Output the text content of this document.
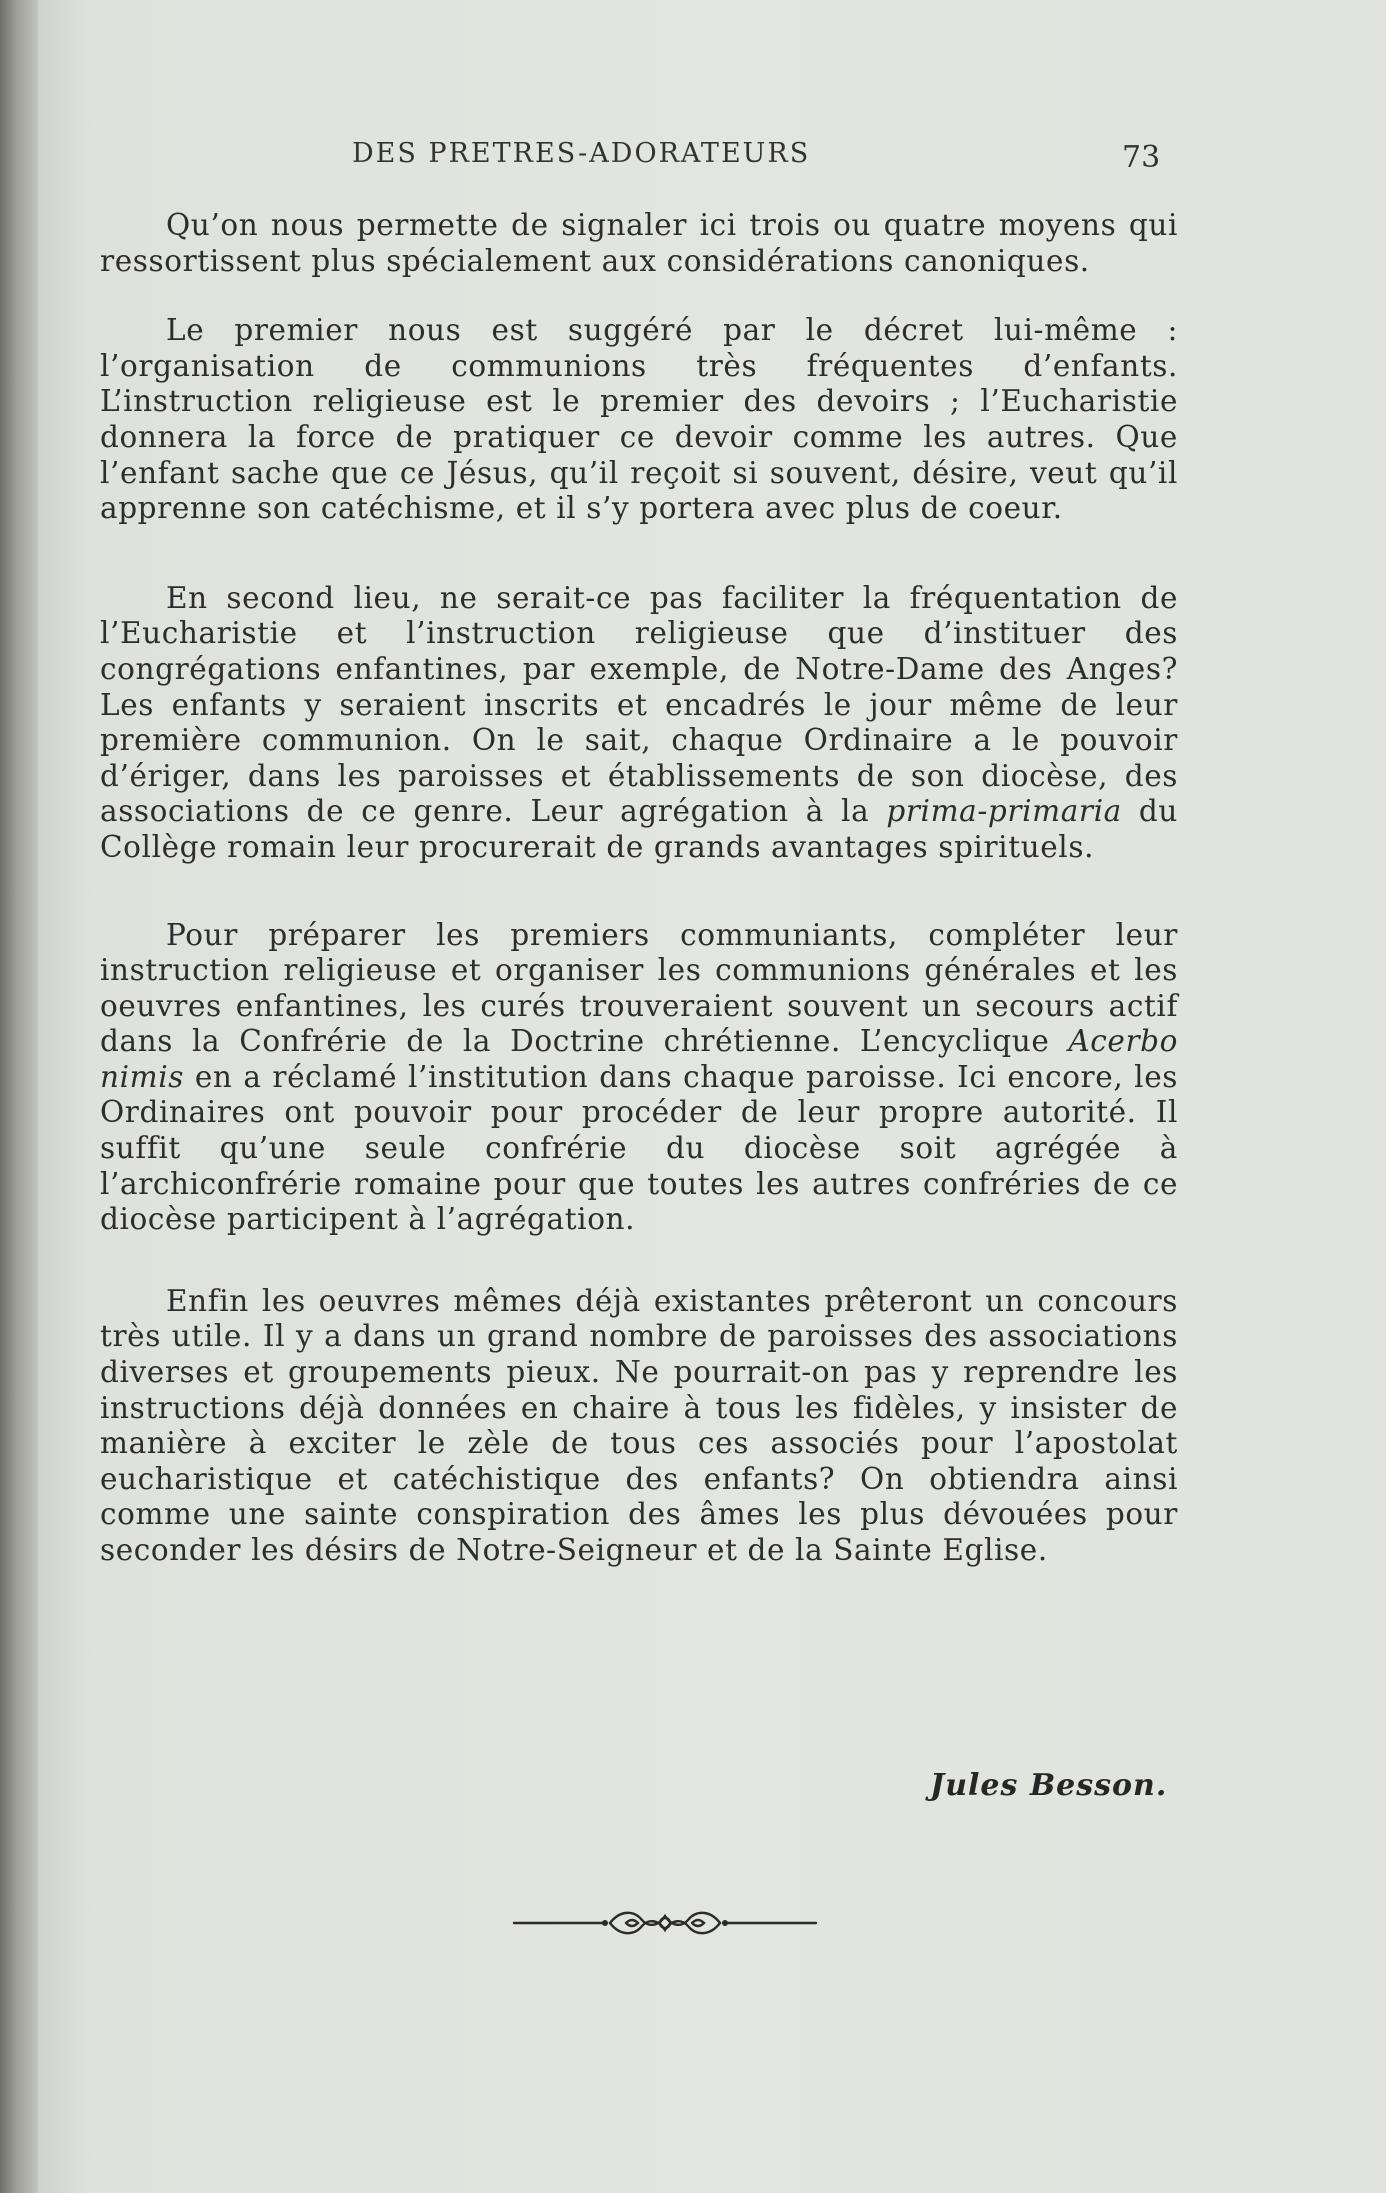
DES PRETRES-ADORATEURS	73

Qu’on nous permette de signaler ici trois ou quatre moyens qui ressortissent plus spécialement aux considérations canoniques.

Le premier nous est suggéré par le décret lui-même : l’organisation de communions très fréquentes d’enfants. L’instruction religieuse est le premier des devoirs ; l’Eucharistie donnera la force de pratiquer ce devoir comme les autres. Que l’enfant sache que ce Jésus, qu’il reçoit si souvent, désire, veut qu’il apprenne son catéchisme, et il s’y portera avec plus de coeur.

En second lieu, ne serait-ce pas faciliter la fréquentation de l’Eucharistie et l’instruction religieuse que d’instituer des congrégations enfantines, par exemple, de Notre-Dame des Anges? Les enfants y seraient inscrits et encadrés le jour même de leur première communion. On le sait, chaque Ordinaire a le pouvoir d’ériger, dans les paroisses et établissements de son diocèse, des associations de ce genre. Leur agrégation à la prima-primaria du Collège romain leur procurerait de grands avantages spirituels.

Pour préparer les premiers communiants, compléter leur instruction religieuse et organiser les communions générales et les oeuvres enfantines, les curés trouveraient souvent un secours actif dans la Confrérie de la Doctrine chrétienne. L’encyclique Acerbo nimis en a réclamé l’institution dans chaque paroisse. Ici encore, les Ordinaires ont pouvoir pour procéder de leur propre autorité. Il suffit qu’une seule confrérie du diocèse soit agrégée à l’archiconfrérie romaine pour que toutes les autres confréries de ce diocèse participent à l’agrégation.

Enfin les oeuvres mêmes déjà existantes prêteront un concours très utile. Il y a dans un grand nombre de paroisses des associations diverses et groupements pieux. Ne pourrait-on pas y reprendre les instructions déjà données en chaire à tous les fidèles, y insister de manière à exciter le zèle de tous ces associés pour l’apostolat eucharistique et catéchistique des enfants? On obtiendra ainsi comme une sainte conspiration des âmes les plus dévouées pour seconder les désirs de Notre-Seigneur et de la Sainte Eglise.

Jules Besson.
